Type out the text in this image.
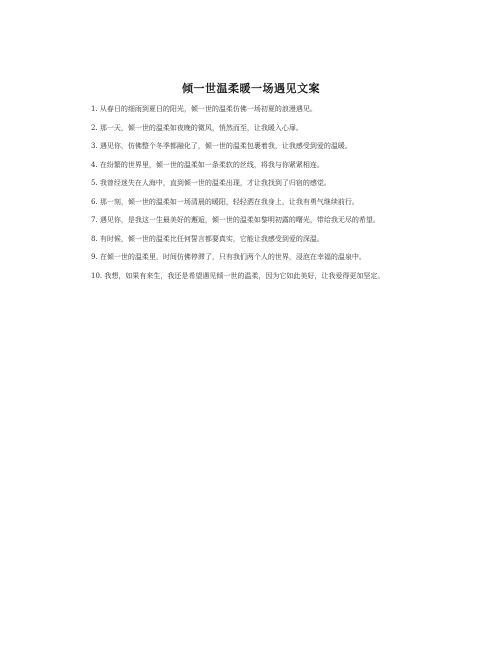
倾一世温柔暖一场遇见文案

1. 从春日的细雨到夏日的阳光，倾一世的温柔仿佛一场初夏的浪漫遇见。

2. 那一天，倾一世的温柔如夜晚的微风，悄然而至，让我暖入心扉。

3. 遇见你，仿佛整个冬季都融化了，倾一世的温柔包裹着我，让我感受到爱的温暖。

4. 在纷繁的世界里，倾一世的温柔如一条柔软的丝线，将我与你紧紧相连。

5. 我曾经迷失在人海中，直到倾一世的温柔出现，才让我找到了归宿的感觉。

6. 那一刻，倾一世的温柔如一场清晨的暖阳，轻轻洒在我身上，让我有勇气继续前行。

7. 遇见你，是我这一生最美好的邂逅，倾一世的温柔如黎明初露的曙光，带给我无尽的希望。

8. 有时候，倾一世的温柔比任何誓言都要真实，它能让我感受到爱的深温。

9. 在倾一世的温柔里，时间仿佛停滞了，只有我们两个人的世界，浸泡在幸福的温泉中。

10. 我想，如果有来生，我还是希望遇见倾一世的温柔，因为它如此美好，让我爱得更加坚定。
